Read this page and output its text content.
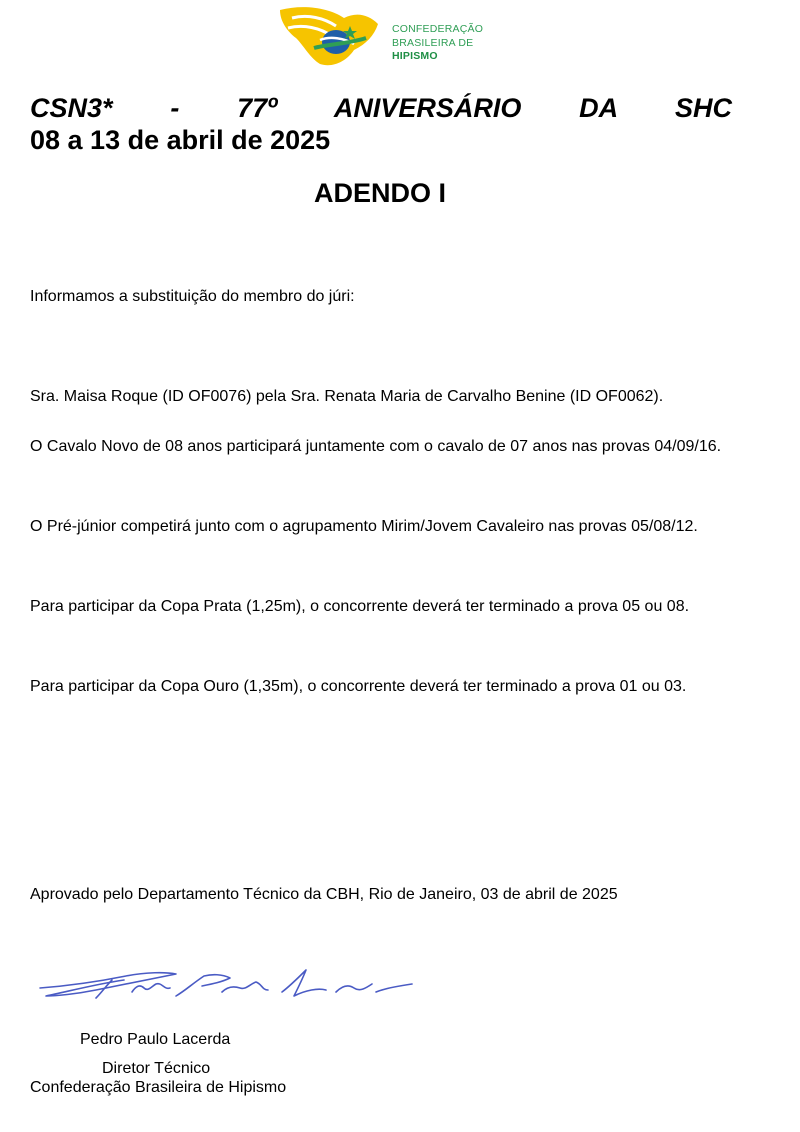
CONFEDERAÇÃO
BRASILEIRA DE
HIPISMO
CSN3* - 77º ANIVERSÁRIO DA SHC
08 a 13 de abril de 2025
ADENDO I
Informamos a substituição do membro do júri:
Sra. Maisa Roque (ID OF0076) pela Sra. Renata Maria de Carvalho Benine (ID OF0062).
O Cavalo Novo de 08 anos participará juntamente com o cavalo de 07 anos nas provas 04/09/16.
O Pré-júnior competirá junto com o agrupamento Mirim/Jovem Cavaleiro nas provas 05/08/12.
Para participar da Copa Prata (1,25m), o concorrente deverá ter terminado a prova 05 ou 08.
Para participar da Copa Ouro (1,35m), o concorrente deverá ter terminado a prova 01 ou 03.
Aprovado pelo Departamento Técnico da CBH, Rio de Janeiro, 03 de abril de 2025
Pedro Paulo Lacerda
Diretor Técnico
Confederação Brasileira de Hipismo
